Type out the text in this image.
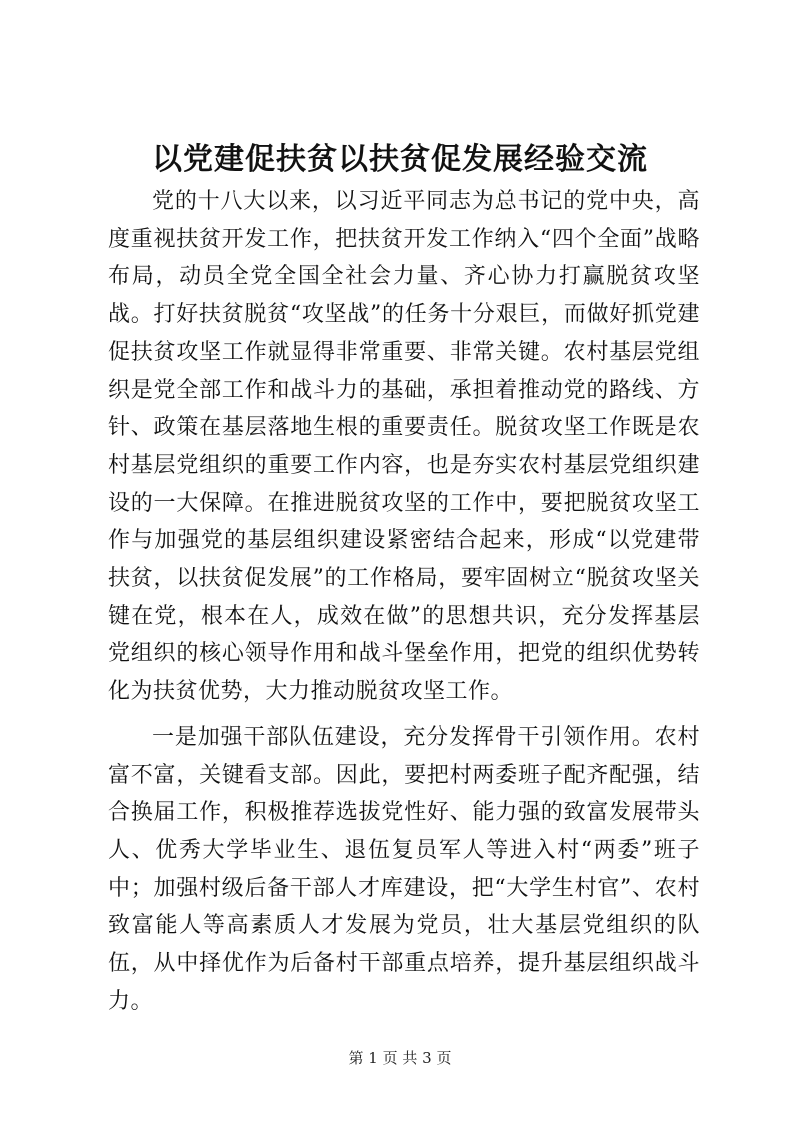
以党建促扶贫以扶贫促发展经验交流

党的十八大以来，以习近平同志为总书记的党中央，高度重视扶贫开发工作，把扶贫开发工作纳入“四个全面”战略布局，动员全党全国全社会力量、齐心协力打赢脱贫攻坚战。打好扶贫脱贫“攻坚战”的任务十分艰巨，而做好抓党建促扶贫攻坚工作就显得非常重要、非常关键。农村基层党组织是党全部工作和战斗力的基础，承担着推动党的路线、方针、政策在基层落地生根的重要责任。脱贫攻坚工作既是农村基层党组织的重要工作内容，也是夯实农村基层党组织建设的一大保障。在推进脱贫攻坚的工作中，要把脱贫攻坚工作与加强党的基层组织建设紧密结合起来，形成“以党建带扶贫，以扶贫促发展”的工作格局，要牢固树立“脱贫攻坚关键在党，根本在人，成效在做”的思想共识，充分发挥基层党组织的核心领导作用和战斗堡垒作用，把党的组织优势转化为扶贫优势，大力推动脱贫攻坚工作。

一是加强干部队伍建设，充分发挥骨干引领作用。农村富不富，关键看支部。因此，要把村两委班子配齐配强，结合换届工作，积极推荐选拔党性好、能力强的致富发展带头人、优秀大学毕业生、退伍复员军人等进入村“两委”班子中；加强村级后备干部人才库建设，把“大学生村官”、农村致富能人等高素质人才发展为党员，壮大基层党组织的队伍，从中择优作为后备村干部重点培养，提升基层组织战斗力。

第 1 页 共 3 页
